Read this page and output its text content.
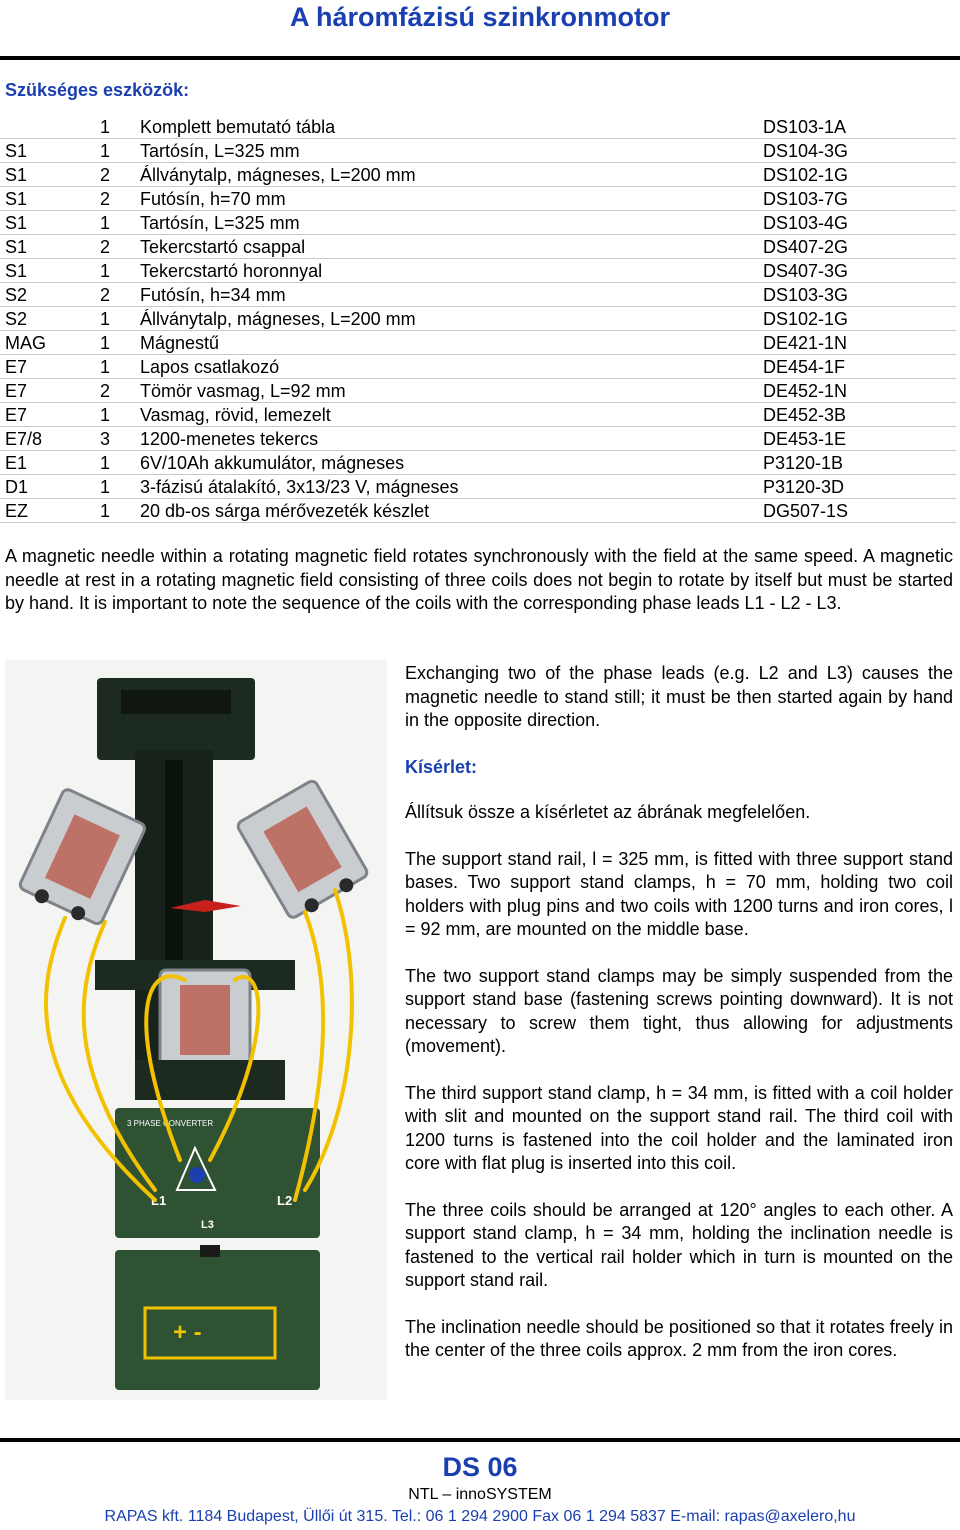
A háromfázisú szinkronmotor
Szükséges eszközök:
	1	Komplett bemutató tábla	DS103-1A
S1	1	Tartósín, L=325 mm	DS104-3G
S1	2	Állványtalp, mágneses, L=200 mm	DS102-1G
S1	2	Futósín, h=70 mm	DS103-7G
S1	1	Tartósín, L=325 mm	DS103-4G
S1	2	Tekercstartó csappal	DS407-2G
S1	1	Tekercstartó horonnyal	DS407-3G
S2	2	Futósín, h=34 mm	DS103-3G
S2	1	Állványtalp, mágneses, L=200 mm	DS102-1G
MAG	1	Mágnestű	DE421-1N
E7	1	Lapos csatlakozó	DE454-1F
E7	2	Tömör vasmag, L=92 mm	DE452-1N
E7	1	Vasmag, rövid, lemezelt	DE452-3B
E7/8	3	1200-menetes tekercs	DE453-1E
E1	1	6V/10Ah akkumulátor, mágneses	P3120-1B
D1	1	3-fázisú átalakító, 3x13/23 V, mágneses	P3120-3D
EZ	1	20 db-os sárga mérővezeték készlet	DG507-1S
A magnetic needle within a rotating magnetic field rotates synchronously with the field at the same speed. A magnetic needle at rest in a rotating magnetic field consisting of three coils does not begin to rotate by itself but must be started by hand. It is important to note the sequence of the coils with the corresponding phase leads L1 - L2 - L3.
3 PHASE CONVERTER
L1	L2
L3
+ -

Exchanging two of the phase leads (e.g. L2 and L3) causes the magnetic needle to stand still; it must be then started again by hand in the opposite direction.

Kísérlet:

Állítsuk össze a kísérletet az ábrának megfelelően.

The support stand rail, l = 325 mm, is fitted with three support stand bases. Two support stand clamps, h = 70 mm, holding two coil holders with plug pins and two coils with 1200 turns and iron cores, l = 92 mm, are mounted on the middle base.

The two support stand clamps may be simply suspended from the support stand base (fastening screws pointing downward). It is not necessary to screw them tight, thus allowing for adjustments (movement).

The third support stand clamp, h = 34 mm, is fitted with a coil holder with slit and mounted on the support stand rail. The third coil with 1200 turns is fastened into the coil holder and the laminated iron core with flat plug is inserted into this coil.

The three coils should be arranged at 120° angles to each other. A support stand clamp, h = 34 mm, holding the inclination needle is fastened to the vertical rail holder which in turn is mounted on the support stand rail.

The inclination needle should be positioned so that it rotates freely in the center of the three coils approx. 2 mm from the iron cores.

DS 06
NTL – innoSYSTEM
RAPAS kft. 1184 Budapest, Üllői út 315. Tel.: 06 1 294 2900 Fax 06 1 294 5837 E-mail: rapas@axelero,hu
